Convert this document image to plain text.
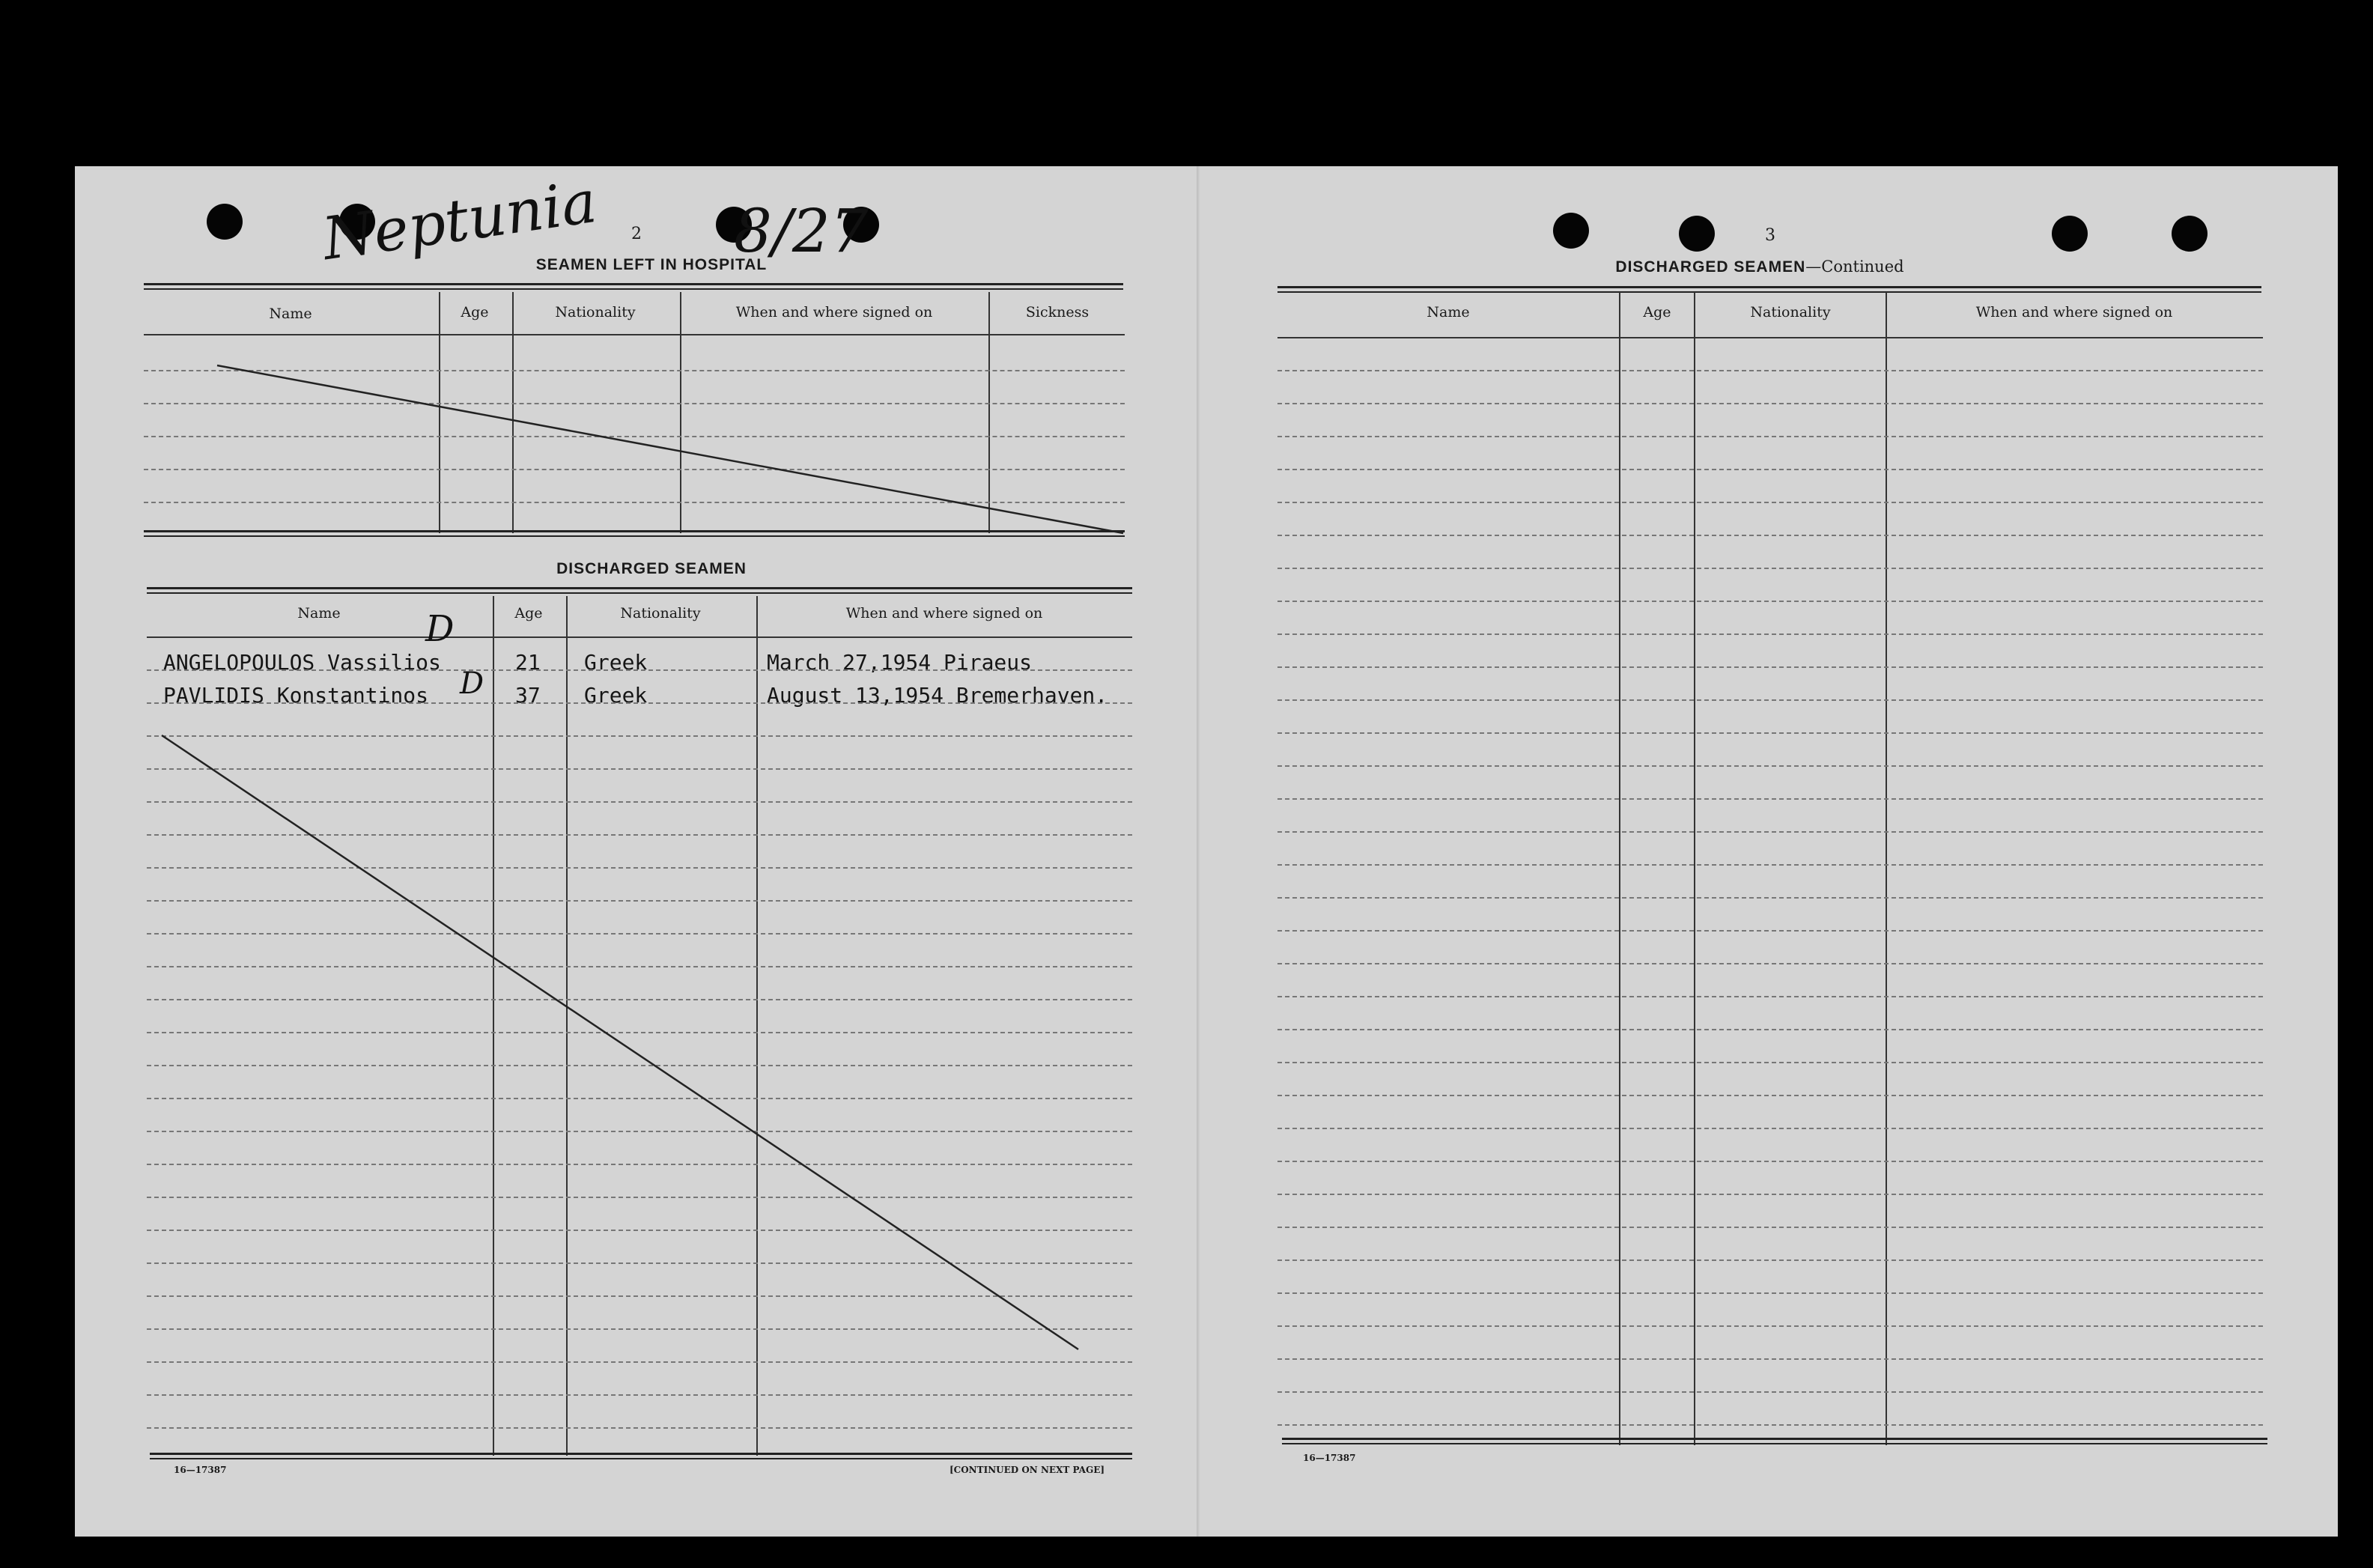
Neptunia 8/27
2
SEAMEN LEFT IN HOSPITAL
Name	Age	Nationality	When and where signed on	Sickness
DISCHARGED SEAMEN
Name	Age	Nationality	When and where signed on
ANGELOPOULOS Vassilios	21 Greek	March 27,1954 Piraeus
D
PAVLIDIS Konstantinos	37 Greek	August 13,1954 Bremerhaven.
D
16—17387	[CONTINUED ON NEXT PAGE]
3
DISCHARGED SEAMEN—Continued
Name	Age	Nationality	When and where signed on
16—17387
